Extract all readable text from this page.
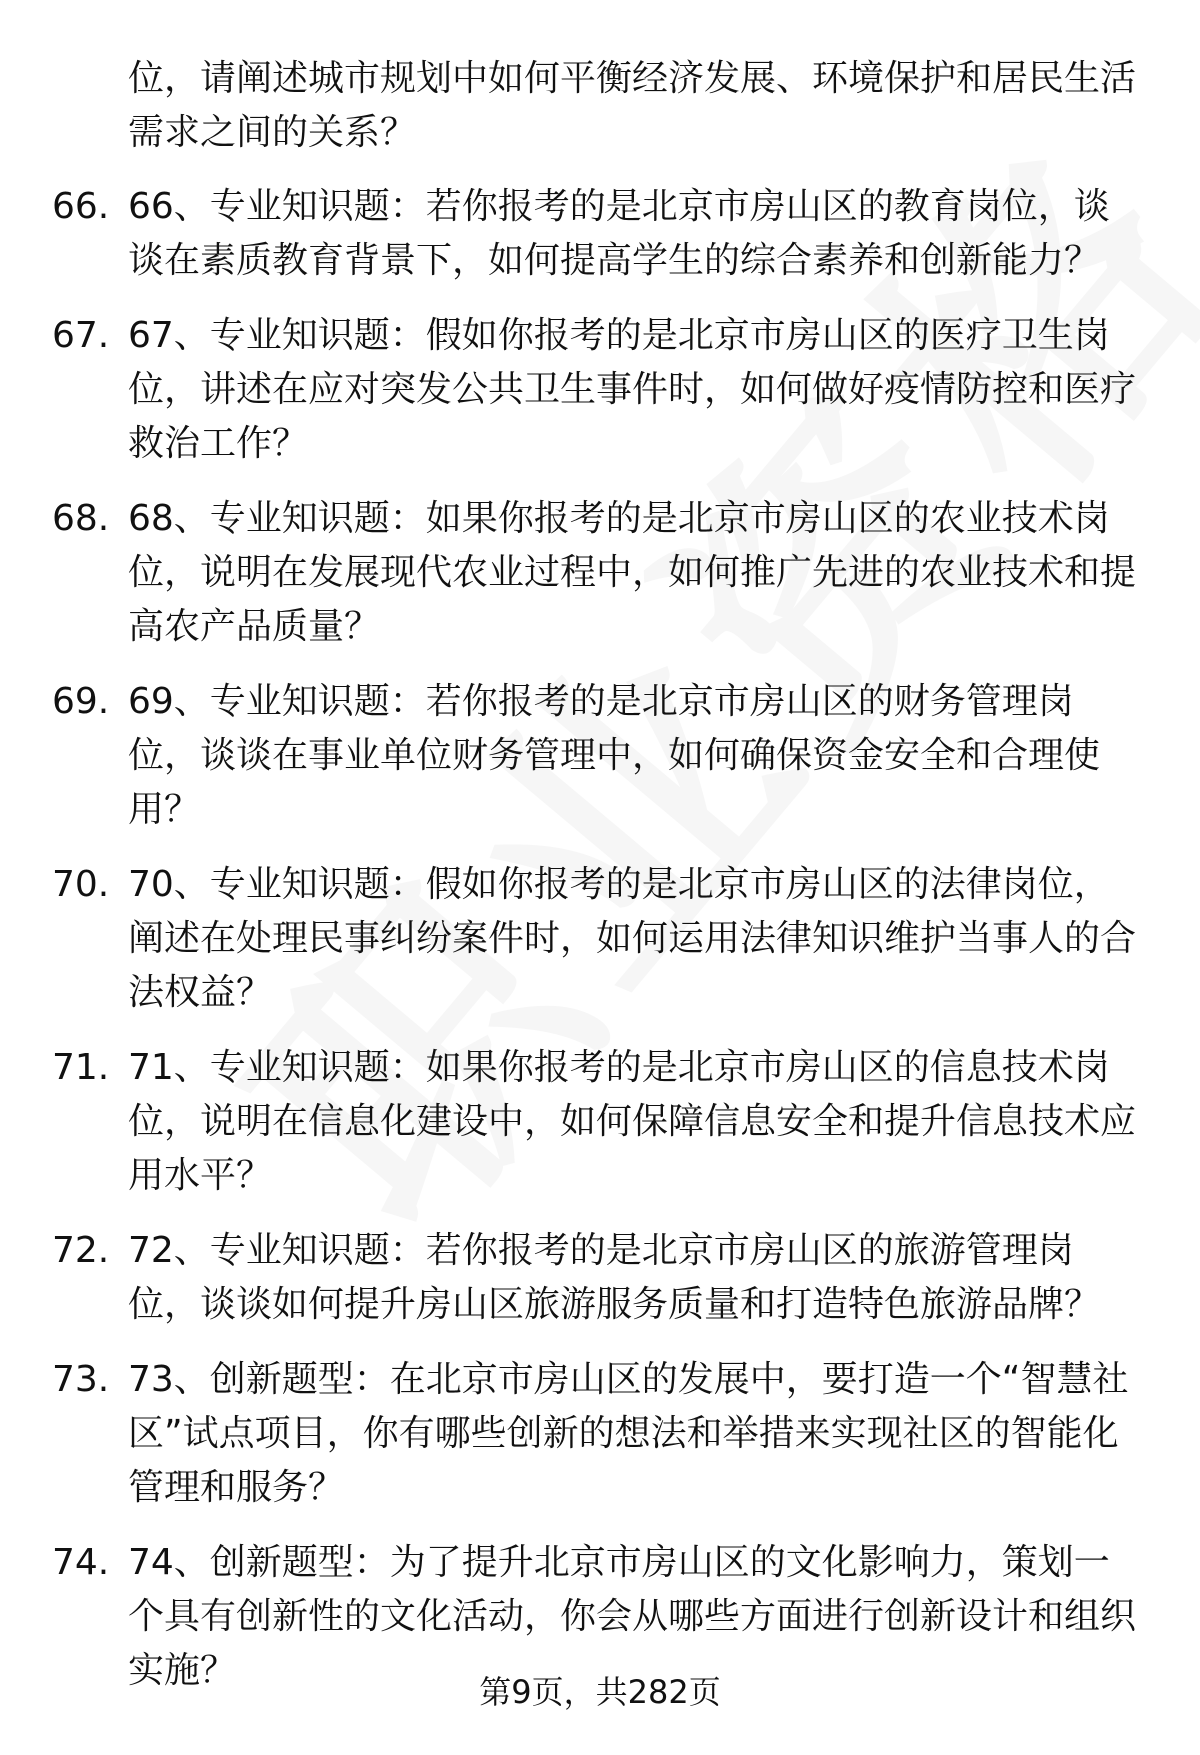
位，请阐述城市规划中如何平衡经济发展、环境保护和居民生活需求之间的关系？
66. 66、专业知识题：若你报考的是北京市房山区的教育岗位，谈谈在素质教育背景下，如何提高学生的综合素养和创新能力？
67. 67、专业知识题：假如你报考的是北京市房山区的医疗卫生岗位，讲述在应对突发公共卫生事件时，如何做好疫情防控和医疗救治工作？
68. 68、专业知识题：如果你报考的是北京市房山区的农业技术岗位，说明在发展现代农业过程中，如何推广先进的农业技术和提高农产品质量？
69. 69、专业知识题：若你报考的是北京市房山区的财务管理岗位，谈谈在事业单位财务管理中，如何确保资金安全和合理使用？
70. 70、专业知识题：假如你报考的是北京市房山区的法律岗位，阐述在处理民事纠纷案件时，如何运用法律知识维护当事人的合法权益？
71. 71、专业知识题：如果你报考的是北京市房山区的信息技术岗位，说明在信息化建设中，如何保障信息安全和提升信息技术应用水平？
72. 72、专业知识题：若你报考的是北京市房山区的旅游管理岗位，谈谈如何提升房山区旅游服务质量和打造特色旅游品牌？
73. 73、创新题型：在北京市房山区的发展中，要打造一个“智慧社区”试点项目，你有哪些创新的想法和举措来实现社区的智能化管理和服务？
74. 74、创新题型：为了提升北京市房山区的文化影响力，策划一个具有创新性的文化活动，你会从哪些方面进行创新设计和组织实施？
第9页，共282页
